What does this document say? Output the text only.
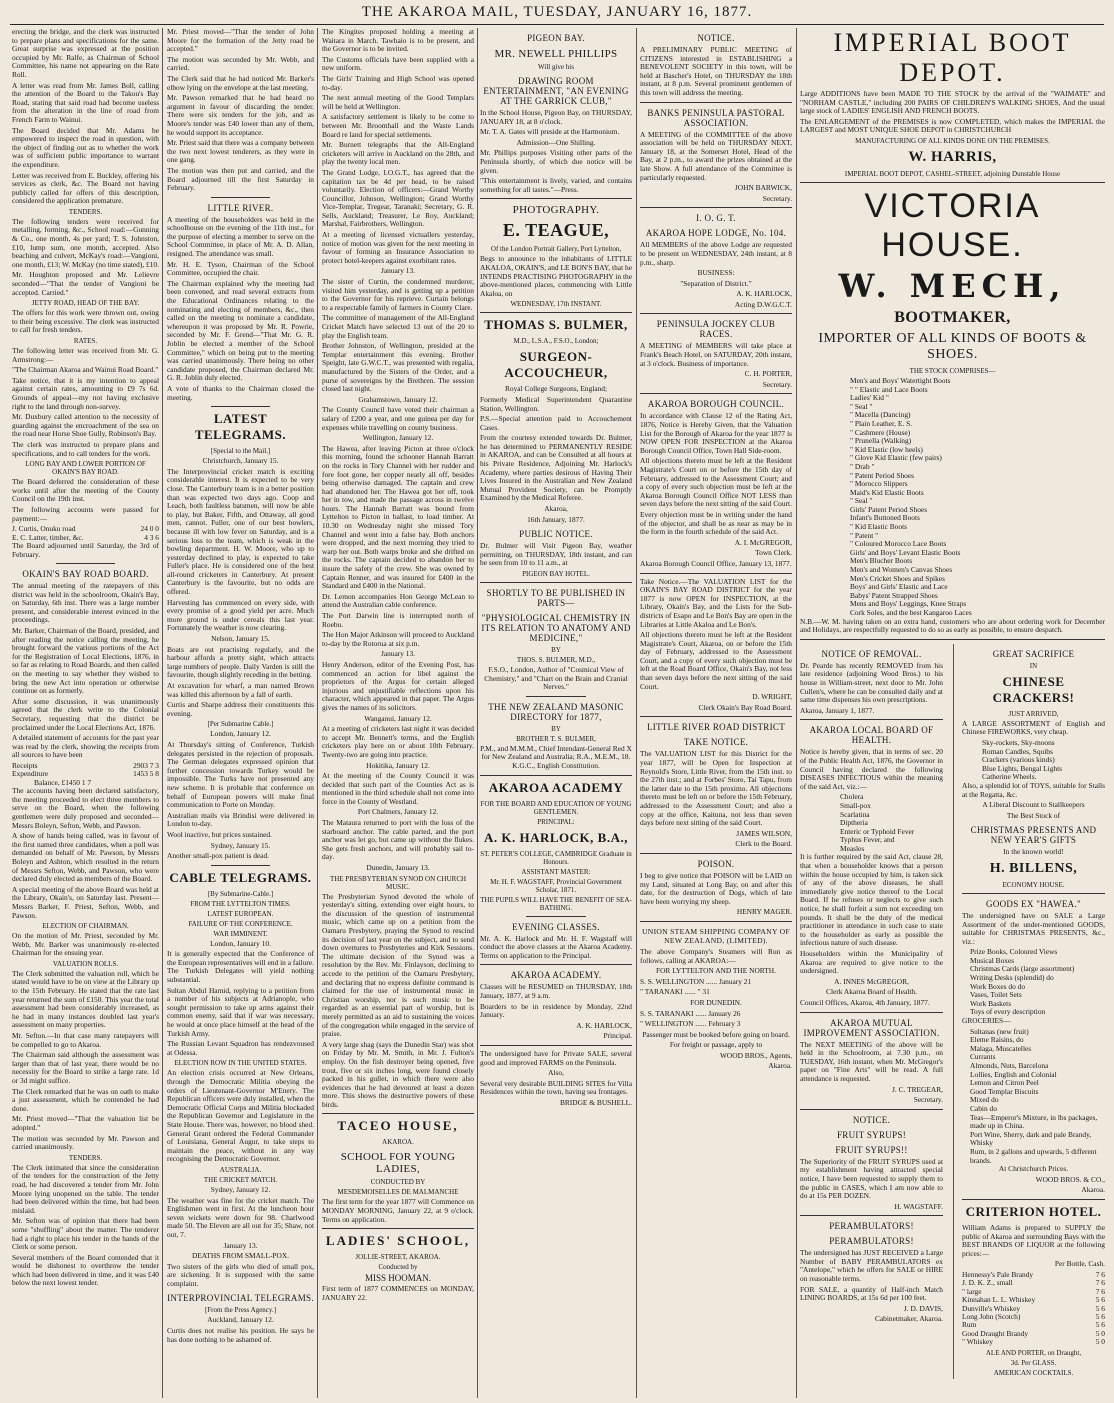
THE AKAROA MAIL, TUESDAY, JANUARY 16, 1877.

erecting the bridge, and the clerk was instructed to prepare plans and specifications for the same. Great surprise was expressed at the position occupied by Mr. Ralfe, as Chairman of School Committee, his name not appearing on the Rate Roll.

A letter was read from Mr. James Boll, calling the attention of the Board to the Takou's Bay Road, stating that said road had become useless from the alteration in the line of road from French Farm to Wainui.

The Board decided that Mr. Adams be empowered to inspect the road in question, with the object of finding out as to whether the work was of sufficient public importance to warrant the expenditure.

Letter was received from E. Buckley, offering his services as clerk, &c. The Board not having publicly called for offers of this description, considered the application premature.

TENDERS.

The following tenders were received for metalling, forming, &c., School road:—Gunning & Co., one month, 4s per yard; T. S. Johnston, £10, lump sum, one month, accepted. Also beaching and culvert, McKay's road:—Vangioni, one month, £13; W. McKay (no time stated), £10.

Mr. Houghton proposed and Mr. Lelievre seconded—"That the tender of Vangioni be accepted. Carried."

JETTY ROAD, HEAD OF THE BAY.

The offers for this work were thrown out, owing to their being excessive. The clerk was instructed to call for fresh tenders.

RATES.

The following letter was received from Mr. G. Armstrong:—

"The Chairman Akaroa and Wainui Road Board."

Take notice, that it is my intention to appeal against certain rates, amounting to £9 7s 6d. Grounds of appeal—my not having exclusive right to the land through non-survey.

Mr. Duxbury called attention to the necessity of guarding against the encroachment of the sea on the road near Horse Shoe Gully, Robinson's Bay.

The clerk was instructed to prepare plans and specifications, and to call tenders for the work.

LONG BAY AND LOWER PORTION OF OKAIN'S BAY ROAD.

The Board deferred the consideration of these works until after the meeting of the County Council on the 19th inst.

The following accounts were passed for payment:—

J. Curtis, Onuku road	24 0 0
E. C. Latter, timber, &c.	4 3 6

The Board adjourned until Saturday, the 3rd of February.

OKAIN'S BAY ROAD BOARD.

The annual meeting of the ratepayers of this district was held in the schoolroom, Okain's Bay, on Saturday, 6th inst. There was a large number present, and considerable interest evinced in the proceedings.

Mr. Barker, Chairman of the Board, presided, and after reading the notice calling the meeting, he brought forward the various portions of the Act for the Registration of Local Elections, 1876, in so far as relating to Road Boards, and then called on the meeting to say whether they wished to bring the new Act into operation or otherwise continue on as formerly.

After some discussion, it was unanimously agreed that the clerk write to the Colonial Secretary, requesting that the district be proclaimed under the Local Elections Act, 1876.

A detailed statement of accounts for the past year was read by the clerk, showing the receipts from all sources to have been

Receipts	2903 7 3
Expenditure	1453 5 8
Balance, £1450 1 7	

The accounts having been declared satisfactory, the meeting proceeded to elect three members to serve on the Board, when the following gentlemen were duly proposed and seconded—Messrs Boleyn, Sefton, Webb, and Pawson.

A show of hands being called, was in favour of the first named three candidates, when a poll was demanded on behalf of Mr. Pawson, by Messrs Boleyn and Ashton, which resulted in the return of Messrs Sefton, Webb, and Pawson, who were declared duly elected as members of the Board.

A special meeting of the above Board was held at the Library, Okain's, on Saturday last. Present—Messrs Barker, F. Priest, Sefton, Webb, and Pawson.

ELECTION OF CHAIRMAN.

On the motion of Mr. Priest, seconded by Mr. Webb, Mr. Barker was unanimously re-elected Chairman for the ensuing year.

VALUATION ROLLS.

The Clerk submitted the valuation roll, which he stated would have to be on view at the Library up to the 15th February. He stated that the rate last year returned the sum of £150. This year the total assessment had been considerably increased, as he had in many instances doubled last year's assessment on many properties.

Mr. Sefton.—In that case many ratepayers will be compelled to go to Akaroa.

The Chairman said although the assessment was larger than that of last year, there would be no necessity for the Board to strike a large rate. 1d or 3d might suffice.

The Clerk remarked that he was on oath to make a just assessment, which he contended he had done.

Mr. Priest moved—"That the valuation list be adopted."

The motion was seconded by Mr. Pawson and carried unanimously.

TENDERS.

The Clerk intimated that since the consideration of the tenders for the construction of the Jetty road, he had discovered a tender from Mr. John Moore lying unopened on the table. The tender had been delivered within the time, but had been mislaid.

Mr. Sefton was of opinion that there had been some "shuffling" about the matter. The tenderer had a right to place his tender in the hands of the Clerk or some person.

Several members of the Board contended that it would be dishonest to overthrow the tender which had been delivered in time, and it was £40 below the next lowest tender.

Mr. Priest moved—"That the tender of John Moore for the formation of the Jetty road be accepted."

The motion was seconded by Mr. Webb, and carried.

The Clerk said that he had noticed Mr. Barker's elbow lying on the envelope at the last meeting.

Mr. Pawson remarked that he had heard no argument in favour of discarding the tender. There were six tenders for the job, and as Moore's tender was £40 lower than any of them, he would support its acceptance.

Mr. Priest said that there was a company between the two next lowest tenderers, as they were in one gang.

The motion was then put and carried, and the Board adjourned till the first Saturday in February.

LITTLE RIVER.

A meeting of the householders was held in the schoolhouse on the evening of the 11th inst., for the purpose of electing a member to serve on the School Committee, in place of Mr. A. D. Allan, resigned. The attendance was small.

Mr. H. E. Tyson, Chairman of the School Committee, occupied the chair.

The Chairman explained why the meeting had been convened, and read several extracts from the Educational Ordinances relating to the nominating and electing of members, &c., then called on the meeting to nominate a candidate, whereupon it was proposed by Mr. R. Powrie, seconded by Mr. F. Grend—"That Mr. G. R. Joblin be elected a member of the School Committee," which on being put to the meeting was carried unanimously. There being no other candidate proposed, the Chairman declared Mr. G. R. Joblin duly elected.

A vote of thanks to the Chairman closed the meeting.

LATEST TELEGRAMS.
[Special to the Mail.]

Christchurch, January 15.

The Interprovincial cricket match is exciting considerable interest. It is expected to be very close. The Canterbury team is in a better position than was expected two days ago. Coop and Leach, both faultless batsmen, will now be able to play, but Baker, Fifth, and Ottaway, all good men, cannot. Fuller, one of our best bowlers, because ill with low fever on Saturday, and is a serious loss to the team, which is weak in the bowling department. H. W. Moore, who up to yesterday declined to play, is expected to take Fuller's place. He is considered one of the best all-round cricketers in Canterbury. At present Canterbury is the favourite, but no odds are offered.

Harvesting has commenced on every side, with every promise of a good yield per acre. Much more ground is under cereals this last year. Fortunately the weather is now clearing.

Nelson, January 15.

Boats are out practising regularly, and the harbour affords a pretty sight, which attracts large numbers of people. Daily Varden is still the favourite, though slightly receding in the betting.

At excavation for wharf, a man named Brown was killed this afternoon by a fall of earth.

Curtis and Sharpe address their constituents this evening.

[Per Submarine Cable.]

London, January 12.

At Thursday's sitting of Conference, Turkish delegates persisted in the rejection of proposals. The German delegates expressed opinion that further concession towards Turkey would be impossible. The Turks have not presented any new scheme. It is probable that conference on behalf of European powers will make final communication to Porte on Monday.

Australian mails via Brindisi were delivered in London to-day.

Wool inactive, but prices sustained.

Sydney, January 15.

Another small-pox patient is dead.

CABLE TELEGRAMS.
[By Submarine-Cable.]
FROM THE LYTTELTON TIMES.
LATEST EUROPEAN.
FAILURE OF THE CONFERENCE.
WAR IMMINENT.

London, January 10.

It is generally expected that the Conference of the European representatives will end in a failure. The Turkish Delegates will yield nothing substantial.

Sultan Abdul Hamid, replying to a petition from a number of his subjects at Adrianople, who sought permission to take up arms against their common enemy, said that if war was necessary, he would at once place himself at the head of the Turkish Army.

The Russian Levant Squadron has rendezvoused at Odessa.

ELECTION ROW IN THE UNITED STATES.

An election crisis occurred at New Orleans, through the Democratic Militia obeying the orders of Lieutenant-Governor M'Enery. The Republican officers were duly installed, when the Democratic Official Corps and Militia blockaded the Republican Governor and Legislature in the State House. There was, however, no blood shed. General Grant ordered the Federal Commander of Louisiana, General Augur, to take steps to maintain the peace, without in any way recognising the Democratic Governor.

AUSTRALIA.
THE CRICKET MATCH.

Sydney, January 12.

The weather was fine for the cricket match. The Englishmen went in first. At the luncheon hour seven wickets were down for 98. Charlwood made 50. The Eleven are all out for 35; Shaw, not out, 7.

January 13.

DEATHS FROM SMALL-POX.

Two sisters of the girls who died of small pox, are sickening. It is supposed with the same complaint.

INTERPROVINCIAL TELEGRAMS.
[From the Press Agency.]

Auckland, January 12.

Curtis does not realise his position. He says he has done nothing to be ashamed of.

The Kingites proposed holding a meeting at Waitara in March. Tawhaio is to be present, and the Governor is to be invited.

The Customs officials have been supplied with a new uniform.

The Girls' Training and High School was opened to-day.

The next annual meeting of the Good Templars will be held at Wellington.

A satisfactory settlement is likely to be come to between Mr. Broomhall and the Waste Lands Board re land for special settlements.

Mr. Burnett telegraphs that the All-England cricketers will arrive in Auckland on the 28th, and play the twenty local men.

The Grand Lodge, I.O.G.T., has agreed that the capitation tax be 4d per head, to be raised voluntarily. Election of officers:—Grand Worthy Councillor, Johnson, Wellington; Grand Worthy Vice-Templar, Tregear, Taranaki; Secretary, G. R. Sells, Auckland; Treasurer, Le Roy, Auckland; Marshal, Fairbrothers, Wellington.

At a meeting of licensed victuallers yesterday, notice of motion was given for the next meeting in favour of forming an Insurance Association to protect hotel-keepers against exorbitant rates.

January 13.

The sister of Curtin, the condemned murderer, visited him yesterday, and is getting up a petition to the Governor for his reprieve. Curtain belongs to a respectable family of farmers in County Clare.

The committee of management of the All-England Cricket Match have selected 13 out of the 20 to play the English team.

Brother Johnston, of Wellington, presided at the Templar entertainment this evening. Brother Speight, late G.W.C.T., was presented with regalia, manufactured by the Sisters of the Order, and a purse of sovereigns by the Brethren. The session closed last night.

Grahamstown, January 12.

The County Council have voted their chairman a salary of £200 a year, and one guinea per day for expenses while travelling on county business.

Wellington, January 12.

The Hawea, after leaving Picton at three o'clock this morning, found the schooner Hannah Barratt on the rocks in Tory Channel with her rudder and fore foot gone, her copper nearly all off, besides being otherwise damaged. The captain and crew had abandoned her. The Hawea got her off, took her in tow, and made the passage across in twelve hours. The Hannah Barratt was bound from Lyttelton to Picton in ballast, to load timber. At 10.30 on Wednesday night she missed Tory Channel and went into a false bay. Both anchors were dropped, and the next morning they tried to warp her out. Both warps broke and she drifted on the rocks. The captain decided to abandon her to insure the safety of the crew. She was owned by Captain Renner, and was insured for £400 in the Standard and £400 in the National.

Dr. Lemon accompanies Hon George McLean to attend the Australian cable conference.

The Port Darwin line is interrupted north of Roebu.

The Hon Major Atkinson will proceed to Auckland to-day by the Rotorua at six p.m.

January 13.

Henry Anderson, editor of the Evening Post, has commenced an action for libel against the proprietors of the Argus for certain alleged injurious and unjustifiable reflections upon his character, which appeared in that paper. The Argus gives the names of its solicitors.

Wanganui, January 12.

At a meeting of cricketers last night it was decided to accept Mr. Bennett's terms, and the English cricketers play here on or about 10th February. Twenty-two are going into practice.

Hokitika, January 12.

At the meeting of the County Council it was decided that such part of the Counties Act as is mentioned in the third schedule shall not come into force in the County of Westland.

Port Chalmers, January 12.

The Mataura returned to port with the loss of the starboard anchor. The cable parted, and the port anchor was let go, but came up without the flukes. She gets fresh anchors, and will probably sail to-day.

Dunedin, January 13.

THE PRESBYTERIAN SYNOD ON CHURCH MUSIC.

The Presbyterian Synod devoted the whole of yesterday's sitting, extending over eight hours, to the discussion of the question of instrumental music, which came up on a petition from the Oamaru Presbytery, praying the Synod to rescind its decision of last year on the subject, and to send down overtures to Presbyteries and Kirk Sessions. The ultimate decision of the Synod was a resolution by the Rev. Mr. Finlayson, declining to accede to the petition of the Oamaru Presbytery, and declaring that no express definite command is claimed for the use of instrumental music in Christian worship, nor is such music to be regarded as an essential part of worship, but is merely permitted as an aid to sustaining the voices of the congregation while engaged in the service of praise.

A very large shag (says the Dunedin Star) was shot on Friday by Mr. M. Smith, in Mr. J. Fulton's employ. On the fish destroyer being opened, five trout, five or six inches long, were found closely packed in his gullet, in which there were also evidences that he had devoured at least a dozen more. This shows the destructive powers of these birds.

TACEO HOUSE,
AKAROA.
SCHOOL FOR YOUNG LADIES,
CONDUCTED BY
MESDEMOISELLES DE MALMANCHE

The first term for the year 1877 will Commence on MONDAY MORNING, January 22, at 9 o'clock. Terms on application.

LADIES' SCHOOL,
JOLLIE-STREET, AKAROA.
Conducted by
MISS HOOMAN.

First term of 1877 COMMENCES on MONDAY, JANUARY 22.

PIGEON BAY.
MR. NEWELL PHILLIPS
Will give his
DRAWING ROOM ENTERTAINMENT, "AN EVENING AT THE GARRICK CLUB,"

In the School House, Pigeon Bay, on THURSDAY, JANUARY 18, at 8 o'clock.

Mr. T. A. Gates will preside at the Harmonium.

Admission—One Shilling.

Mr. Phillips purposes Visiting other parts of the Peninsula shortly, of which due notice will be given.

"This entertainment is lively, varied, and contains something for all tastes."—Press.

PHOTOGRAPHY.
E. TEAGUE,
Of the London Portrait Gallery, Port Lyttelton,

Begs to announce to the inhabitants of LITTLE AKALOA, OKAIN'S, and LE BON'S BAY, that he INTENDS PRACTISING PHOTOGRAPHY in the above-mentioned places, commencing with Little Akaloa, on

WEDNESDAY, 17th INSTANT.
THOMAS S. BULMER,
M.D., L.S.A., F.S.O., London;
SURGEON-ACCOUCHEUR,

Royal College Surgeons, England;

Formerly Medical Superintendent Quarantine Station, Wellington.

P.S.—Special attention paid to Accouchement Cases.

From the courtesy extended towards Dr. Bulmer, he has determined to PERMANENTLY RESIDE in AKAROA, and can be Consulted at all hours at his Private Residence, Adjoining Mr. Harlock's Academy, where parties desirous of Having Their Lives Insured in the Australian and New Zealand Mutual Provident Society, can be Promptly Examined by the Medical Referee.

Akaroa,

16th January, 1877.

PUBLIC NOTICE.

Dr. Bulmer will Visit Pigeon Bay, weather permitting, on THURSDAY, 18th instant, and can be seen from 10 to 11 a.m., at

PIGEON BAY HOTEL.
SHORTLY TO BE PUBLISHED IN PARTS—
"PHYSIOLOGICAL CHEMISTRY IN ITS RELATION TO ANATOMY AND MEDICINE,"
BY
THOS. S. BULMER, M.D.,

F.S.O., London, Author of "Cosmical View of Chemistry," and "Chart on the Brain and Cranial Nerves."

THE NEW ZEALAND MASONIC DIRECTORY for 1877,
BY
BROTHER T. S. BULMER,

P.M., and M.M.M., Chief Intendant-General Red X for New Zealand and Australia; R.A., M.E.M., 18. K.G.C., English Constitution.

AKAROA ACADEMY
FOR THE BOARD AND EDUCATION OF YOUNG GENTLEMEN.
PRINCIPAL:
A. K. HARLOCK, B.A.,
ST. PETER'S COLLEGE, CAMBRIDGE Graduate in Honours.
ASSISTANT MASTER:
Mr. H. F. WAGSTAFF, Provincial Government Scholar, 1871.
THE PUPILS WILL HAVE THE BENEFIT OF SEA-BATHING.
EVENING CLASSES.

Mr. A. K. Harlock and Mr. H. F. Wagstaff will conduct the above classes at the Akaroa Academy. Terms on application to the Principal.

AKAROA ACADEMY.

Classes will be RESUMED on THURSDAY, 18th January, 1877, at 9 a.m.

Boarders to be in residence by Monday, 22nd January.

A. K. HARLOCK,

Principal.

The undersigned have for Private SALE, several good and improved FARMS on the Peninsula.

Also,

Several very desirable BUILDING SITES for Villa Residences within the town, having sea frontages.

BRIDGE & BUSHELL.

NOTICE.

A PRELIMINARY PUBLIC MEETING of CITIZENS interested in ESTABLISHING a BENEVOLENT SOCIETY in this town, will be held at Bascher's Hotel, on THURSDAY the 18th instant, at 8 p.m. Several prominent gentlemen of this town will address the meeting.

BANKS PENINSULA PASTORAL ASSOCIATION.

A MEETING of the COMMITTEE of the above association will be held on THURSDAY NEXT, January 18, at the Somerset Hotel, Head of the Bay, at 2 p.m., to award the prizes obtained at the late Show. A full attendance of the Committee is particularly requested.

JOHN BARWICK,

Secretary.

I. O. G. T.
AKAROA HOPE LODGE, No. 104.

All MEMBERS of the above Lodge are requested to be present on WEDNESDAY, 24th instant, at 8 p.m., sharp.

BUSINESS:

"Separation of District."

A. K. HARLOCK,

Acting D.W.G.C.T.

PENINSULA JOCKEY CLUB RACES.

A MEETING of MEMBERS will take place at Frank's Beach Hotel, on SATURDAY, 20th instant, at 3 o'clock. Business of importance.

C. H. PORTER,

Secretary.

AKAROA BOROUGH COUNCIL.

In accordance with Clause 12 of the Rating Act, 1876, Notice is Hereby Given, that the Valuation List for the Borough of Akaroa for the year 1877 is NOW OPEN FOR INSPECTION at the Akaroa Borough Council Office, Town Hall Side-room.

All objections thereto must be left at the Resident Magistrate's Court on or before the 15th day of February, addressed to the Assessment Court; and a copy of every such objection must be left at the Akaroa Borough Council Office NOT LESS than seven days before the next sitting of the said Court.

Every objection must be in writing under the hand of the objector, and shall be as near as may be in the form in the fourth schedule of the said Act.

A. I. McGREGOR,

Town Clerk.

Akaroa Borough Council Office, January 13, 1877.

Take Notice.—The VALUATION LIST for the OKAIN'S BAY ROAD DISTRICT for the year 1877 is now OPEN for INSPECTION, at the Library, Okain's Bay, and the Lists for the Sub-districts of Esapo and Le Bon's Bay are open in the Libraries at Little Akaloa and Le Bon's.

All objections thereto must be left at the Resident Magistrate's Court, Akaroa, on or before the 15th day of February, addressed to the Assessment Court, and a copy of every such objection must be left at the Road Board Office, Okain's Bay, not less than seven days before the next sitting of the said Court.

D. WRIGHT,

Clerk Okain's Bay Road Board.

LITTLE RIVER ROAD DISTRICT
TAKE NOTICE.

The VALUATION LIST for this District for the year 1877, will be Open for Inspection at Reynold's Store, Little River, from the 15th inst. to the 27th inst.; and at Forbes' Store, Tai Tapu, from the latter date to the 15th proximo. All objections thereto must be left on or before the 15th February, addressed to the Assessment Court; and also a copy at the office, Kaituna, not less than seven days before next sitting of the said Court.

JAMES WILSON,

Clerk to the Board.

POISON.

I beg to give notice that POISON will be LAID on my Land, situated at Long Bay, on and after this date, for the destruction of Dogs, which of late have been worrying my sheep.

HENRY MAGER.

UNION STEAM SHIPPING COMPANY OF NEW ZEALAND, (LIMITED).

The above Company's Steamers will Run as follows, calling at AKAROA:—

FOR LYTTELTON AND THE NORTH.

S. S. WELLINGTON ...... January 21

" TARANAKI ...... " 31

FOR DUNEDIN.

S. S. TARANAKI ...... January 26

" WELLINGTON ...... February 3

Passenger must be booked before going on board.

For freight or passage, apply to

WOOD BROS., Agents,

Akaroa.

IMPERIAL BOOT DEPOT.

Large ADDITIONS have been MADE TO THE STOCK by the arrival of the "WAIMATE" and "NORHAM CASTLE," including 200 PAIRS OF CHILDREN'S WALKING SHOES, And the usual large stock of LADIES' ENGLISH AND FRENCH BOOTS.

The ENLARGEMENT of the PREMISES is now COMPLETED, which makes the IMPERIAL the LARGEST and MOST UNIQUE SHOE DEPOT in CHRISTCHURCH

MANUFACTURING OF ALL KINDS DONE ON THE PREMISES.
W. HARRIS,
IMPERIAL BOOT DEPOT, CASHEL-STREET, adjoining Dunstable House
VICTORIA HOUSE.
W. MECH,
BOOTMAKER,
IMPORTER OF ALL KINDS OF BOOTS & SHOES.
THE STOCK COMPRISES—
Men's and Boys' Watertight Boots
" " Elastic and Lace Boots
Ladies' Kid "
" Seal "
" Macella (Dancing)
" Plain Leather, E. S.
" Cashmere (House)
" Prunella (Walking)
" Kid Elastic (low heels)
" Glove Kid Elastic (few pairs)
" Drab "
" Patent Period Shoes
" Morocco Slippers
Maid's Kid Elastic Boots
" Seal "
Girls' Patent Period Shoes
Infant's Buttoned Boots
" Kid Elastic Boots
" Patent "
" Coloured Morocco Lace Boots
Girls' and Boys' Levant Elastic Boots
Men's Blucher Boots
Men's and Women's Canvas Shoes
Men's Cricket Shoes and Spikes
Boys' and Girls' Elastic and Lace
Babys' Patent Strapped Shoes
Mens and Boys' Leggings, Knee Straps
Cork Soles, and the best Kangaroo Laces

N.B.—W. M. having taken on an extra hand, customers who are about ordering work for December and Holidays, are respectfully requested to do so as early as possible, to ensure despatch.

NOTICE OF REMOVAL.

Dr. Pearde has recently REMOVED from his late residence (adjoining Wood Bros.) to his house in William-street, next door to Mr. John Cullen's, where he can be consulted daily and at same time dispenses his own prescriptions.

Akaroa, January 1, 1877.

AKAROA LOCAL BOARD OF HEALTH.

Notice is hereby given, that in terms of sec. 20 of the Public Health Act, 1876, the Governor in Council having declared the following DISEASES INFECTIOUS within the meaning of the said Act, viz.:—

Cholera
Small-pox
Scarlatina
Diptheria
Enteric or Typhoid Fever
Typhus Fever, and
Measles

It is further required by the said Act, clause 28, that when a householder knows that a person within the house occupied by him, is taken sick of any of the above diseases, he shall immediately give notice thereof to the Local Board. If he refuses or neglects to give such notice, he shall forfeit a sum not exceeding ten pounds. It shall be the duty of the medical practitioner in attendance in such case to state to the householder as early as possible the infectious nature of such disease.

Householders within the Municipality of Akaroa are required to give notice to the undersigned.

A. INNES McGREGOR,

Clerk Akaroa Board of Health.

Council Offices, Akaroa, 4th January, 1877.

AKAROA MUTUAL IMPROVEMENT ASSOCIATION.

The NEXT MEETING of the above will be held in the Schoolroom, at 7.30 p.m., on TUESDAY, 16th instant, when Mr. McGregor's paper on "Fine Arts" will be read. A full attendance is requested.

J. C. TREGEAR,

Secretary.

NOTICE.
FRUIT SYRUPS!
FRUIT SYRUPS!!

The Superiority of the FRUIT SYRUPS used at my establishment having attracted special notice, I have been requested to supply them to the public in CASES, which I am now able to do at 15s PER DOZEN.

H. WAGSTAFF.

PERAMBULATORS!
PERAMBULATORS!

The undersigned has JUST RECEIVED a Large Number of BABY PERAMBULATORS ex "Antelope," which he offers for SALE or HIRE on reasonable terms.

FOR SALE, a quantity of Half-inch Match LINING BOARDS, at 15s 6d per 100 feet.

J. D. DAVIS,

Cabinetmaker, Akaroa.

GREAT SACRIFICE
IN
CHINESE CRACKERS!
JUST ARRIVED,

A LARGE ASSORTMENT of English and Chinese FIREWORKS, very cheap.

Sky-rockets, Sky-moons
Roman Candles, Squibs
Crackers (various kinds)
Blue Lights, Bengal Lights
Catherine Wheels.

Also, a splendid lot of TOYS, suitable for Stalls at the Regatta, &c.

A Liberal Discount to Stallkeepers

The Best Stock of

CHRISTMAS PRESENTS AND NEW YEAR'S GIFTS

In the known world!

H. BILLENS,
ECONOMY HOUSE.
GOODS EX "HAWEA."

The undersigned have on SALE a Large Assortment of the under-mentioned GOODS, suitable for CHRISTMAS PRESENTS, &c., viz.:

Prize Books, Coloured Views
Musical Boxes
Christmas Cards (large assortment)
Writing Desks (splendid) do
Work Boxes do do
Vases, Toilet Sets
Work Baskets
Toys of every description

GROCERIES—

Sultanas (new fruit)
Eleme Raisins, do
Malaga, Muscatelles
Currants
Almonds, Nuts, Barcelona
Lollies, English and Colonial
Lemon and Citron Peel
Good Templar Biscuits
Mixed do
Cabin do
Teas—Emperor's Mixture, in lbs packages, made up in China.
Port Wine, Sherry, dark and pale Brandy, Whisky
Rum, in 2 gallons and upwards, 5 different brands.

At Christchurch Prices.

WOOD BROS. & CO.,

Akaroa.

CRITERION HOTEL.

William Adams is prepared to SUPPLY the public of Akaroa and surrounding Bays with the BEST BRANDS OF LIQUOR at the following prices:—

Per Bottle, Cash.

Hennessy's Pale Brandy	7 6
J. D. K. Z., small	7 6
" large	7 6
Kinnahan L. L. Whiskey	5 6
Dunville's Whiskey	5 6
Long John (Scotch)	5 6
Rum	5 6
Good Draught Brandy	5 0
" Whiskey	5 0
ALE AND PORTER, on Draught,
3d. Per GLASS.
AMERICAN COCKTAILS.
